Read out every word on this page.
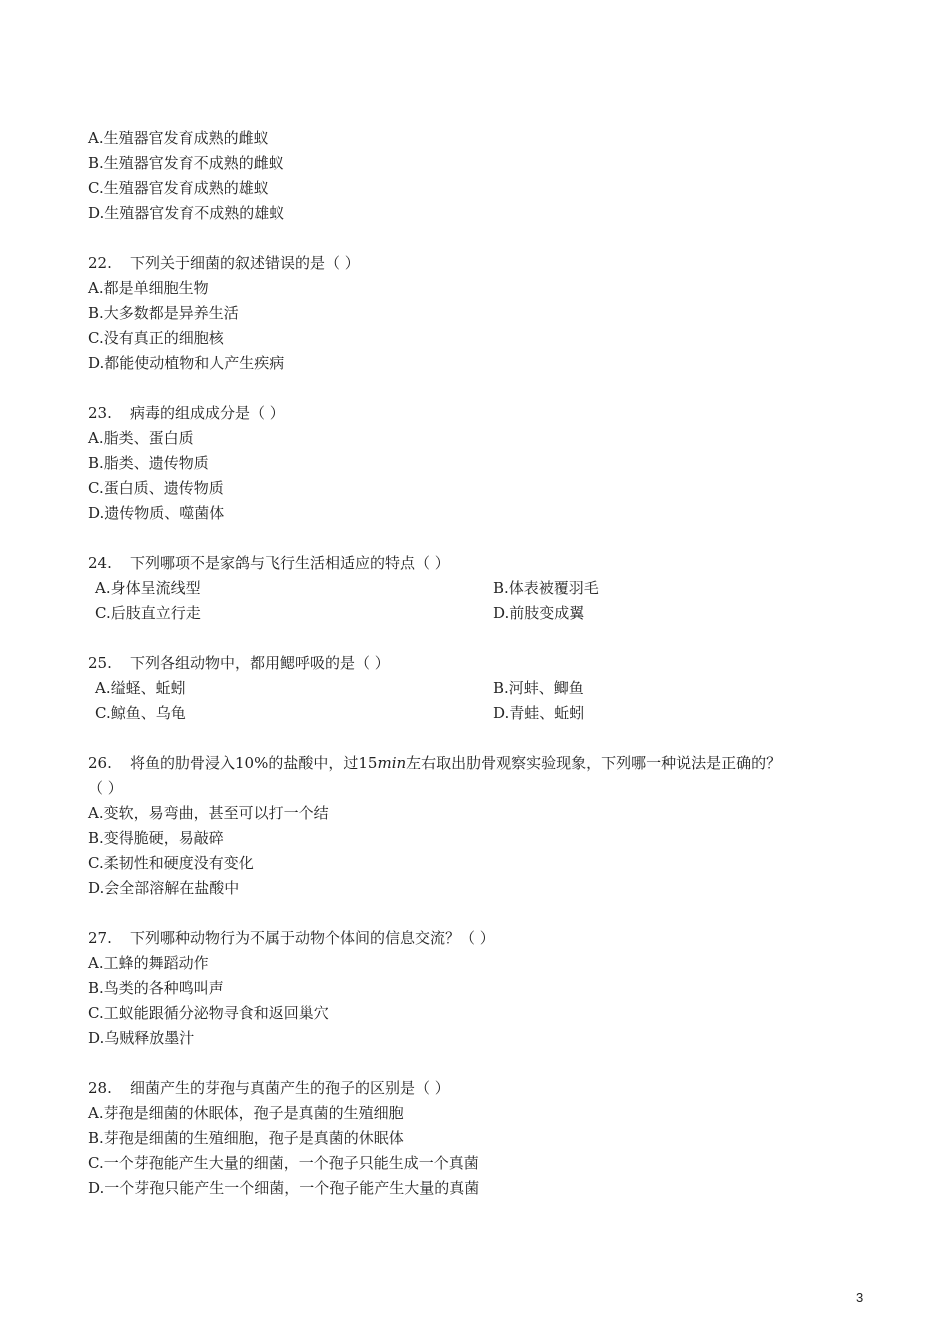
A.生殖器官发育成熟的雌蚁
B.生殖器官发育不成熟的雌蚁
C.生殖器官发育成熟的雄蚁
D.生殖器官发育不成熟的雄蚁
22. 下列关于细菌的叙述错误的是（ ）
A.都是单细胞生物
B.大多数都是异养生活
C.没有真正的细胞核
D.都能使动植物和人产生疾病
23. 病毒的组成成分是（ ）
A.脂类、蛋白质
B.脂类、遗传物质
C.蛋白质、遗传物质
D.遗传物质、噬菌体
24. 下列哪项不是家鸽与飞行生活相适应的特点（ ）
A.身体呈流线型	B.体表被覆羽毛
C.后肢直立行走	D.前肢变成翼
25. 下列各组动物中，都用鳃呼吸的是（ ）
A.缢蛏、蚯蚓	B.河蚌、鲫鱼
C.鲸鱼、乌龟	D.青蛙、蚯蚓
26. 将鱼的肋骨浸入10%的盐酸中，过15min左右取出肋骨观察实验现象，下列哪一种说法是正确的？
（ ）
A.变软，易弯曲，甚至可以打一个结
B.变得脆硬，易敲碎
C.柔韧性和硬度没有变化
D.会全部溶解在盐酸中
27. 下列哪种动物行为不属于动物个体间的信息交流？（ ）
A.工蜂的舞蹈动作
B.鸟类的各种鸣叫声
C.工蚁能跟循分泌物寻食和返回巢穴
D.乌贼释放墨汁
28. 细菌产生的芽孢与真菌产生的孢子的区别是（ ）
A.芽孢是细菌的休眠体，孢子是真菌的生殖细胞
B.芽孢是细菌的生殖细胞，孢子是真菌的休眠体
C.一个芽孢能产生大量的细菌，一个孢子只能生成一个真菌
D.一个芽孢只能产生一个细菌，一个孢子能产生大量的真菌
3
